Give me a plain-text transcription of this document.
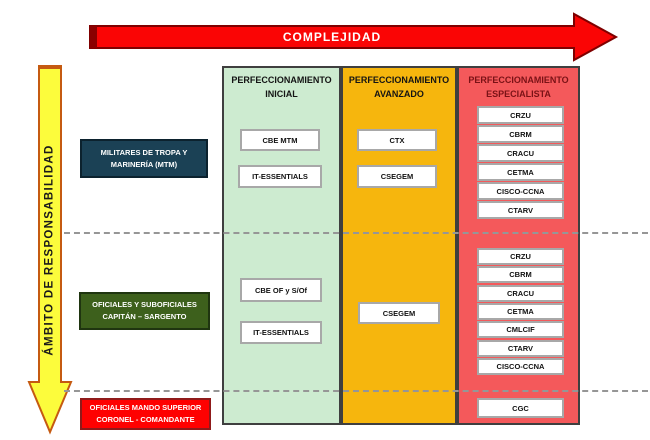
COMPLEJIDAD
ÁMBITO DE RESPONSABILIDAD
PERFECCIONAMIENTO
INICIAL
PERFECCIONAMIENTO
AVANZADO
PERFECCIONAMIENTO
ESPECIALISTA
MILITARES DE TROPA Y
MARINERÍA (MTM)
OFICIALES Y SUBOFICIALES
CAPITÁN – SARGENTO
OFICIALES MANDO SUPERIOR
CORONEL - COMANDANTE
CBE MTM
IT-ESSENTIALS
CTX
CSEGEM
CRZU
CBRM
CRACU
CETMA
CISCO-CCNA
CTARV
CBE OF y S/Of
IT-ESSENTIALS
CSEGEM
CRZU
CBRM
CRACU
CETMA
CMLCIF
CTARV
CISCO-CCNA
CGC
